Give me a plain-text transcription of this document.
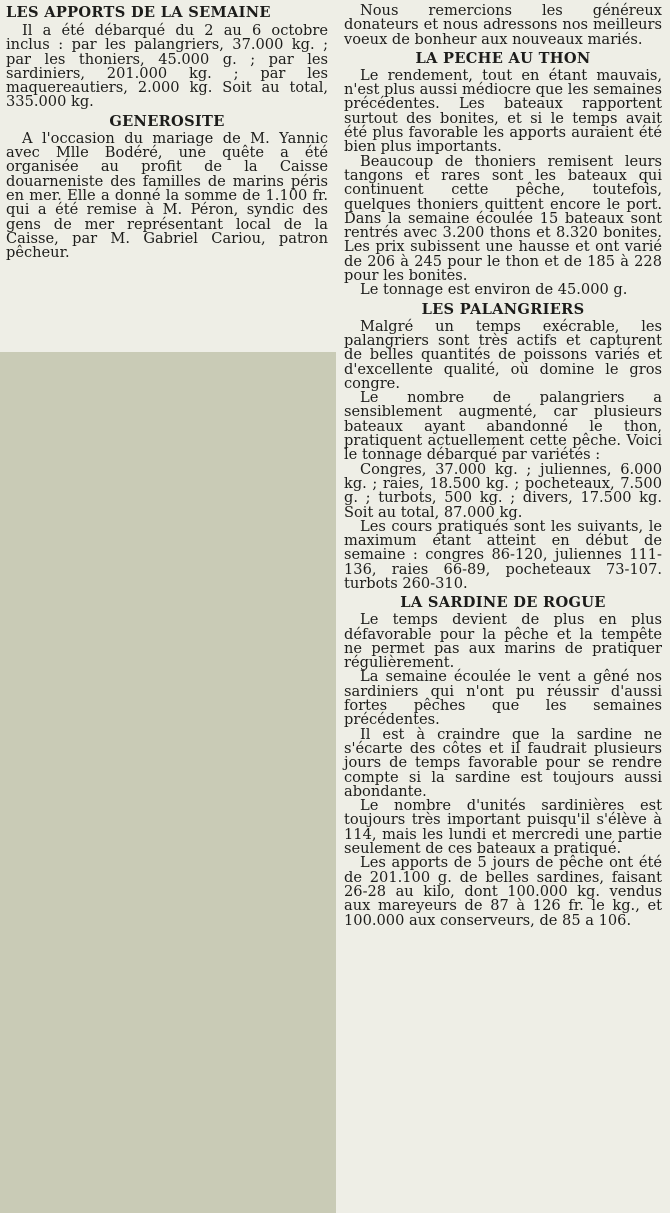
LES APPORTS DE LA SEMAINE

Il a été débarqué du 2 au 6 octobre inclus : par les palangriers, 37.000 kg. ; par les thoniers, 45.000 g. ; par les sardiniers, 201.000 kg. ; par les maquereautiers, 2.000 kg. Soit au total, 335.000 kg.

GENEROSITE

A l'occasion du mariage de M. Yannic avec Mlle Bodéré, une quête a été organisée au profit de la Caisse douarneniste des familles de marins péris en mer. Elle a donné la somme de 1.100 fr. qui a été remise à M. Péron, syndic des gens de mer représentant local de la Caisse, par M. Gabriel Cariou, patron pêcheur.

Nous remercions les généreux donateurs et nous adressons nos meilleurs voeux de bonheur aux nouveaux mariés.

LA PECHE AU THON

Le rendement, tout en étant mauvais, n'est plus aussi médiocre que les semaines précédentes. Les bateaux rapportent surtout des bonites, et si le temps avait été plus favorable les apports auraient été bien plus importants.

Beaucoup de thoniers remisent leurs tangons et rares sont les bateaux qui continuent cette pêche, toutefois, quelques thoniers quittent encore le port. Dans la semaine écoulée 15 bateaux sont rentrés avec 3.200 thons et 8.320 bonites. Les prix subissent une hausse et ont varié de 206 à 245 pour le thon et de 185 à 228 pour les bonites.

Le tonnage est environ de 45.000 g.

LES PALANGRIERS

Malgré un temps exécrable, les palangriers sont très actifs et capturent de belles quantités de poissons variés et d'excellente qualité, où domine le gros congre.

Le nombre de palangriers a sensiblement augmenté, car plusieurs bateaux ayant abandonné le thon, pratiquent actuellement cette pêche. Voici le tonnage débarqué par variétés :

Congres, 37.000 kg. ; juliennes, 6.000 kg. ; raies, 18.500 kg. ; pocheteaux, 7.500 g. ; turbots, 500 kg. ; divers, 17.500 kg. Soit au total, 87.000 kg.

Les cours pratiqués sont les suivants, le maximum étant atteint en début de semaine : congres 86-120, juliennes 111-136, raies 66-89, pocheteaux 73-107. turbots 260-310.

LA SARDINE DE ROGUE

Le temps devient de plus en plus défavorable pour la pêche et la tempête ne permet pas aux marins de pratiquer régulièrement.

La semaine écoulée le vent a gêné nos sardiniers qui n'ont pu réussir d'aussi fortes pêches que les semaines précédentes.

Il est à craindre que la sardine ne s'écarte des côtes et il faudrait plusieurs jours de temps favorable pour se rendre compte si la sardine est toujours aussi abondante.

Le nombre d'unités sardinières est toujours très important puisqu'il s'élève à 114, mais les lundi et mercredi une partie seulement de ces bateaux a pratiqué.

Les apports de 5 jours de pêche ont été de 201.100 g. de belles sardines, faisant 26-28 au kilo, dont 100.000 kg. vendus aux mareyeurs de 87 à 126 fr. le kg., et 100.000 aux conserveurs, de 85 a 106.
